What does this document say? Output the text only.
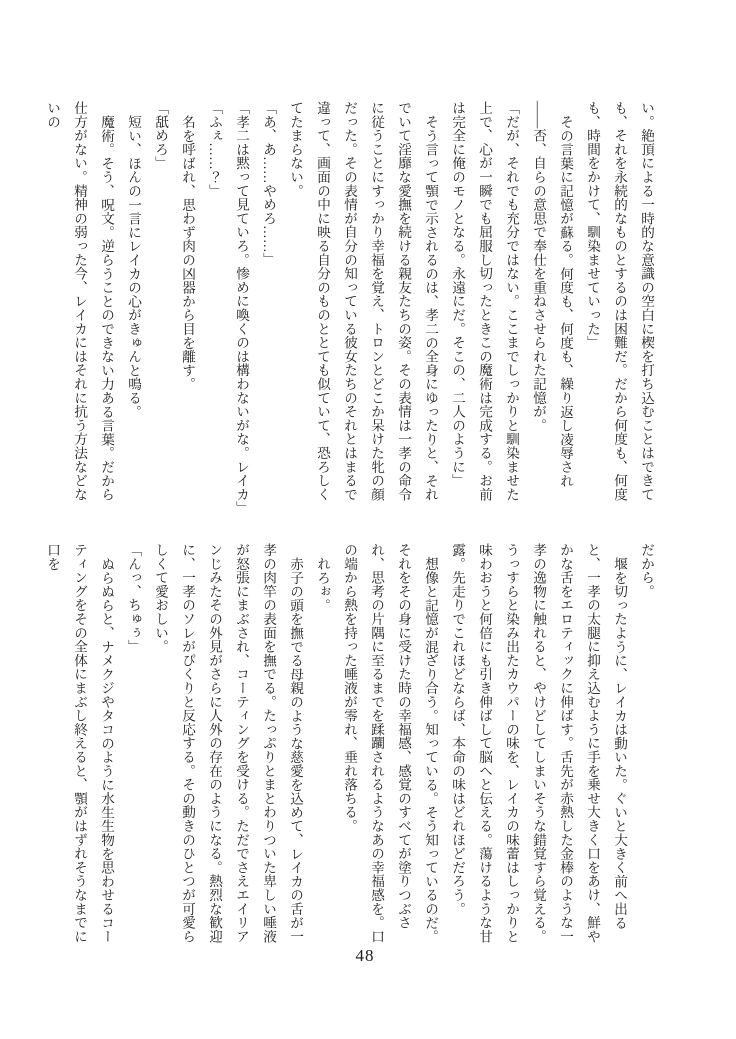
い。絶頂による一時的な意識の空白に楔を打ち込むことはできても、それを永続的なものとするのは困難だ。だから何度も、何度も、時間をかけて、馴染ませていった」

その言葉に記憶が蘇る。何度も、何度も、繰り返し凌辱され――否、自らの意思で奉仕を重ねさせられた記憶が。

「だが、それでも充分ではない。ここまでしっかりと馴染ませた上で、心が一瞬でも屈服し切ったときこの魔術は完成する。お前は完全に俺のモノとなる。永遠にだ。そこの、二人のように」

そう言って顎で示されるのは、孝二の全身にゆったりと、それでいて淫靡な愛撫を続ける親友たちの姿。その表情は一孝の命令に従うことにすっかり幸福を覚え、トロンとどこか呆けた牝の顔だった。その表情が自分の知っている彼女たちのそれとはまるで違って、画面の中に映る自分のものととても似ていて、恐ろしくてたまらない。

「あ、あ……やめろ……」

「孝二は黙って見ていろ。惨めに喚くのは構わないがな。レイカ」

「ふぇ……？」

名を呼ばれ、思わず肉の凶器から目を離す。

「舐めろ」

短い、ほんの一言にレイカの心がきゅんと鳴る。

魔術。そう、呪文。逆らうことのできない力ある言葉。だから仕方がない。精神の弱った今、レイカにはそれに抗う方法などないの

だから。

堰を切ったように、レイカは動いた。ぐいと大きく前へ出ると、一孝の太腿に抑え込むように手を乗せ大きく口をあけ、鮮やかな舌をエロティックに伸ばす。舌先が赤熱した金棒のような一孝の逸物に触れると、やけどしてしまいそうな錯覚すら覚える。うっすらと染み出たカウパーの味を、レイカの味蕾はしっかりと味わおうと何倍にも引き伸ばして脳へと伝える。蕩けるような甘露。先走りでこれほどならば、本命の味はどれほどだろう。

想像と記憶が混ざり合う。知っている。そう知っているのだ。それをその身に受けた時の幸福感、感覚のすべてが塗りつぶされ、思考の片隅に至るまでを蹂躙されるようなあの幸福感を。口の端から熱を持った唾液が零れ、垂れ落ちる。

れろぉ。

赤子の頭を撫でる母親のような慈愛を込めて、レイカの舌が一孝の肉竿の表面を撫でる。たっぷりとまとわりついた卑しい唾液が怒張にまぶされ、コーティングを受ける。ただでさえエイリアンじみたその外見がさらに人外の存在のようになる。熱烈な歓迎に、一孝のソレがぴくりと反応する。その動きのひとつが可愛らしくて愛おしい。

「んっ、ちゅぅ」

ぬらぬらと、ナメクジやタコのように水生生物を思わせるコーティングをその全体にまぶし終えると、顎がはずれそうなまでに口を

48
